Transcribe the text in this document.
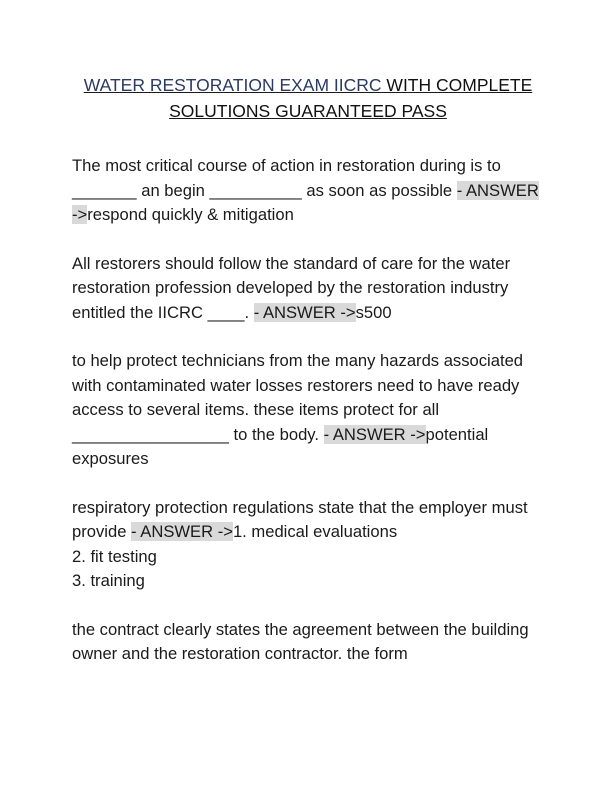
WATER RESTORATION EXAM IICRC WITH COMPLETE SOLUTIONS GUARANTEED PASS

The most critical course of action in restoration during is to _______ an begin __________ as soon as possible - ANSWER ->respond quickly & mitigation

All restorers should follow the standard of care for the water restoration profession developed by the restoration industry entitled the IICRC ____. - ANSWER ->s500

to help protect technicians from the many hazards associated with contaminated water losses restorers need to have ready access to several items. these items protect for all _________________ to the body. - ANSWER ->potential exposures

respiratory protection regulations state that the employer must provide - ANSWER ->1. medical evaluations
2. fit testing
3. training

the contract clearly states the agreement between the building owner and the restoration contractor. the form
